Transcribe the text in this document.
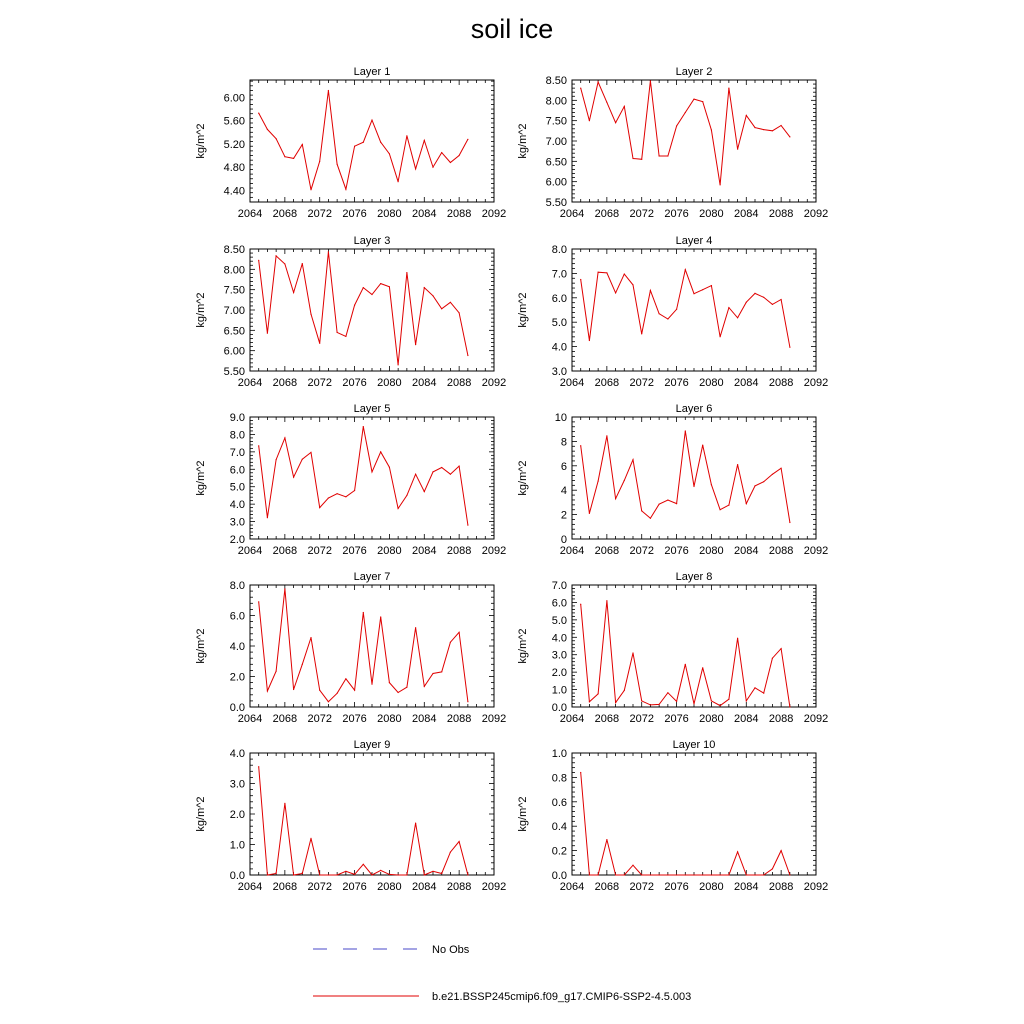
soil ice
Layer 1
2064 2068 2072 2076 2080 2084 2088 2092
4.40
4.80
5.20
5.60
6.00
kg/m^2
Layer 2
2064 2068 2072 2076 2080 2084 2088 2092
5.50
6.00
6.50
7.00
7.50
8.00
8.50
kg/m^2
Layer 3
2064 2068 2072 2076 2080 2084 2088 2092
5.50
6.00
6.50
7.00
7.50
8.00
8.50
kg/m^2
Layer 4
2064 2068 2072 2076 2080 2084 2088 2092
3.0
4.0
5.0
6.0
7.0
8.0
kg/m^2
Layer 5
2064 2068 2072 2076 2080 2084 2088 2092
2.0
3.0
4.0
5.0
6.0
7.0
8.0
9.0
kg/m^2
Layer 6
2064 2068 2072 2076 2080 2084 2088 2092
0
2
4
6
8
10
kg/m^2
Layer 7
2064 2068 2072 2076 2080 2084 2088 2092
0.0
2.0
4.0
6.0
8.0
kg/m^2
Layer 8
2064 2068 2072 2076 2080 2084 2088 2092
0.0
1.0
2.0
3.0
4.0
5.0
6.0
7.0
kg/m^2
Layer 9
2064 2068 2072 2076 2080 2084 2088 2092
0.0
1.0
2.0
3.0
4.0
kg/m^2
Layer 10
2064 2068 2072 2076 2080 2084 2088 2092
0.0
0.2
0.4
0.6
0.8
1.0
kg/m^2
No Obs
b.e21.BSSP245cmip6.f09_g17.CMIP6-SSP2-4.5.003
